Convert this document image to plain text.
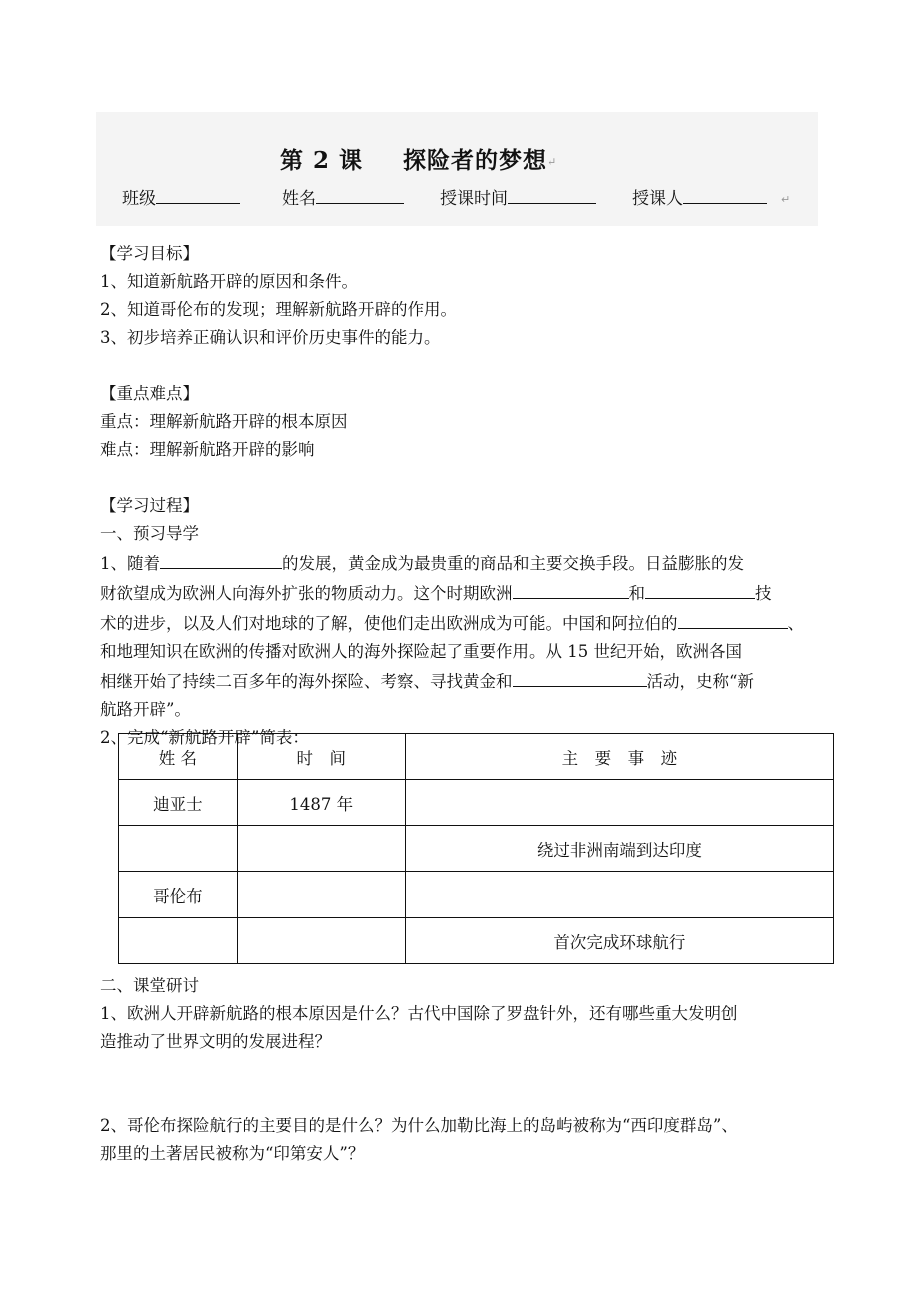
第 2 课 探险者的梦想↵
班级	姓名	授课时间	授课人	↵

【学习目标】

1、知道新航路开辟的原因和条件。

2、知道哥伦布的发现；理解新航路开辟的作用。

3、初步培养正确认识和评价历史事件的能力。

【重点难点】

重点：理解新航路开辟的根本原因

难点：理解新航路开辟的影响

【学习过程】

一、预习导学

1、随着	的发展，黄金成为最贵重的商品和主要交换手段。日益膨胀的发

财欲望成为欧洲人向海外扩张的物质动力。这个时期欧洲	和	技

术的进步，以及人们对地球的了解，使他们走出欧洲成为可能。中国和阿拉伯的	、

和地理知识在欧洲的传播对欧洲人的海外探险起了重要作用。从 15 世纪开始，欧洲各国

相继开始了持续二百多年的海外探险、考察、寻找黄金和	活动，史称“新

航路开辟”。

2、完成“新航路开辟”简表：

姓 名	时　间	主　要　事　迹
迪亚士	1487 年	
		绕过非洲南端到达印度
哥伦布		
		首次完成环球航行

二、课堂研讨

1、欧洲人开辟新航路的根本原因是什么？古代中国除了罗盘针外，还有哪些重大发明创

造推动了世界文明的发展进程？

2、哥伦布探险航行的主要目的是什么？为什么加勒比海上的岛屿被称为“西印度群岛”、

那里的土著居民被称为“印第安人”？
